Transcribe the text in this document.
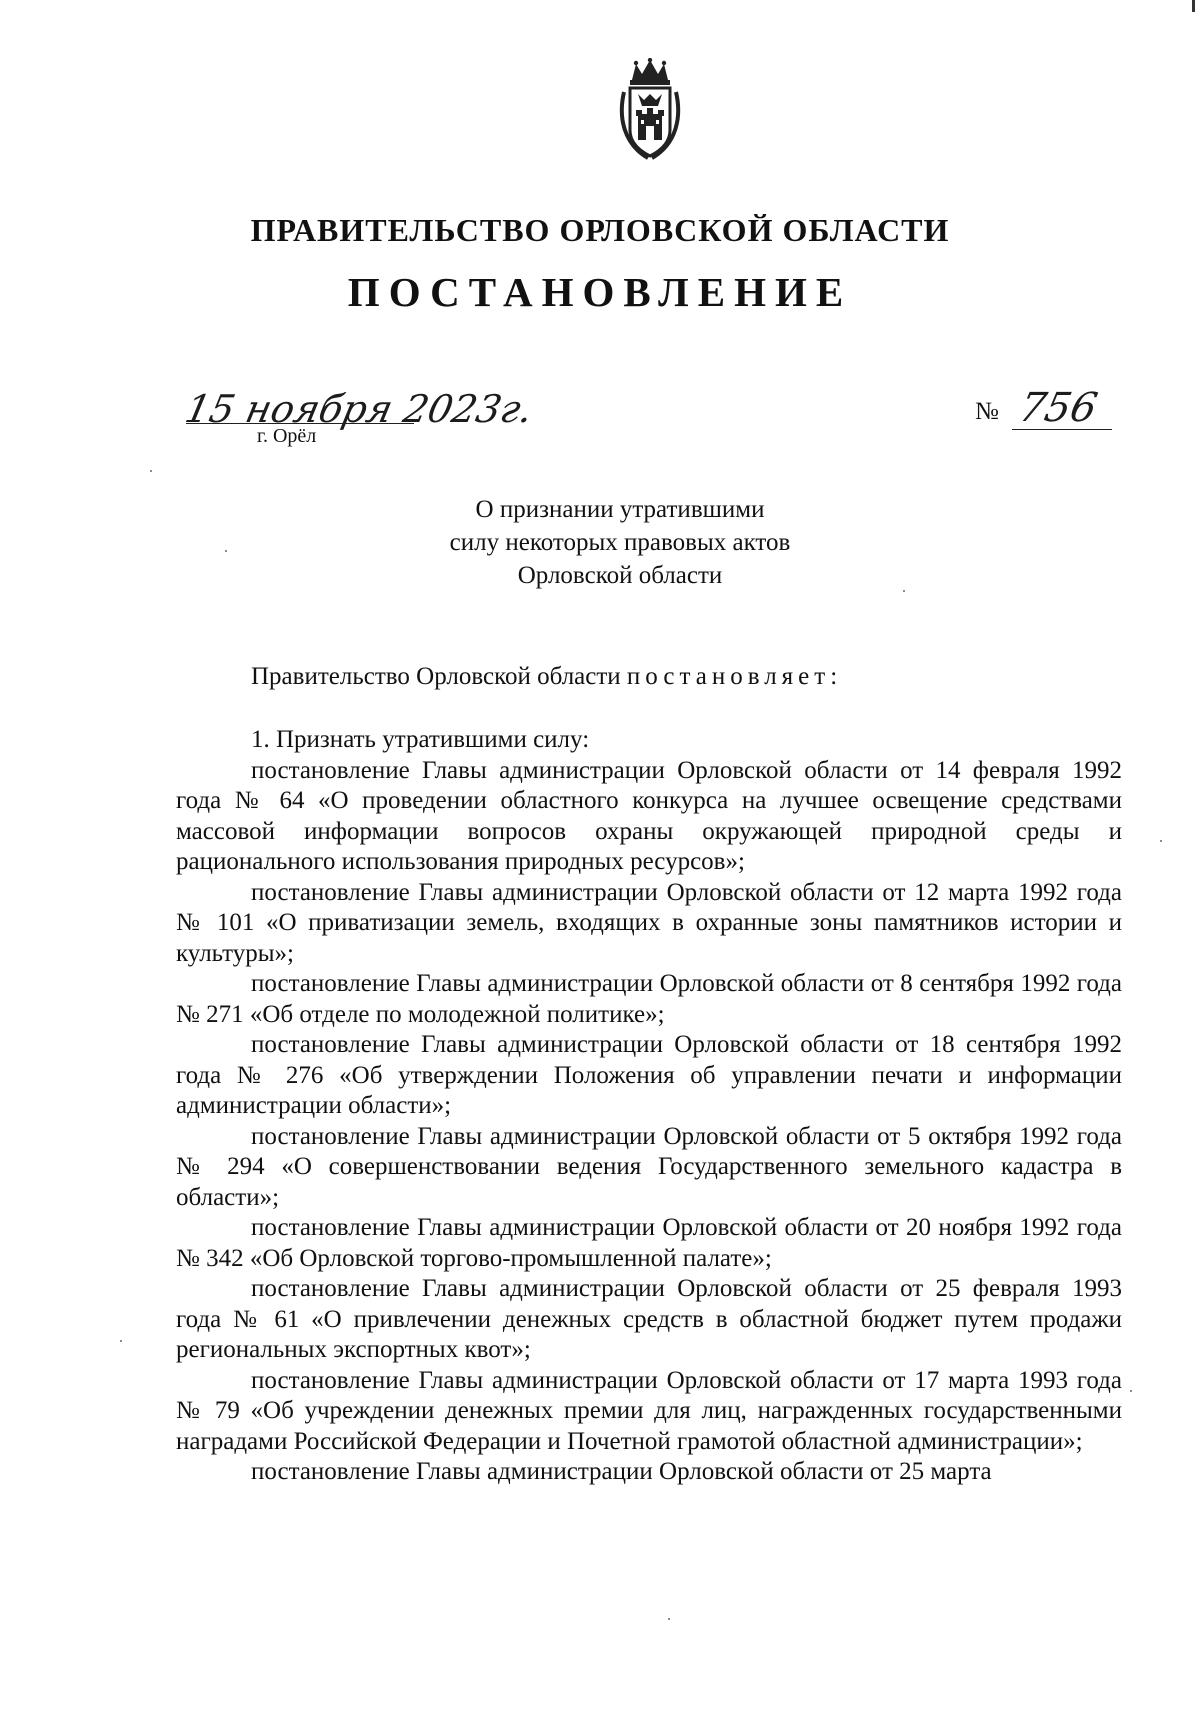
ПРАВИТЕЛЬСТВО ОРЛОВСКОЙ ОБЛАСТИ
ПОСТАНОВЛЕНИЕ
15 ноября 2023г.
г. Орёл
№ 756
О признании утратившими
силу некоторых правовых актов
Орловской области
Правительство Орловской области постановляет:

1. Признать утратившими силу:

постановление Главы администрации Орловской области от 14 февраля 1992 года № 64 «О проведении областного конкурса на лучшее освещение средствами массовой информации вопросов охраны окружающей природной среды и рационального использования природных ресурсов»;

постановление Главы администрации Орловской области от 12 марта 1992 года № 101 «О приватизации земель, входящих в охранные зоны памятников истории и культуры»;

постановление Главы администрации Орловской области от 8 сентября 1992 года № 271 «Об отделе по молодежной политике»;

постановление Главы администрации Орловской области от 18 сентября 1992 года № 276 «Об утверждении Положения об управлении печати и информации администрации области»;

постановление Главы администрации Орловской области от 5 октября 1992 года № 294 «О совершенствовании ведения Государственного земельного кадастра в области»;

постановление Главы администрации Орловской области от 20 ноября 1992 года № 342 «Об Орловской торгово-промышленной палате»;

постановление Главы администрации Орловской области от 25 февраля 1993 года № 61 «О привлечении денежных средств в областной бюджет путем продажи региональных экспортных квот»;

постановление Главы администрации Орловской области от 17 марта 1993 года № 79 «Об учреждении денежных премии для лиц, награжденных государственными наградами Российской Федерации и Почетной грамотой областной администрации»;

постановление Главы администрации Орловской области от 25 марта
